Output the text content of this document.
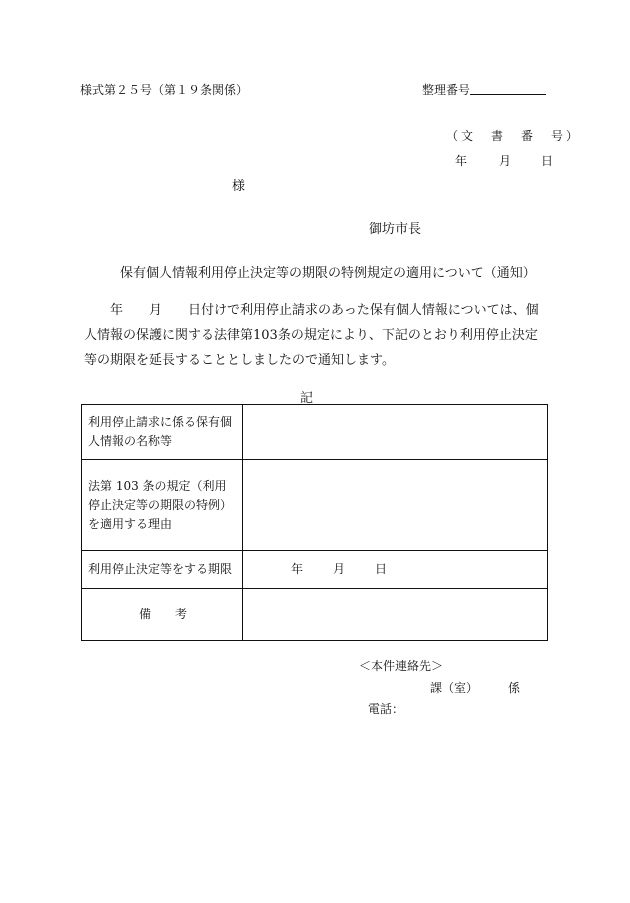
様式第２５号（第１９条関係）	整理番号
（文　書　番　号）
年	月	日
様
御坊市長
保有個人情報利用停止決定等の期限の特例規定の適用について（通知）

年　　月　　日付けで利用停止請求のあった保有個人情報については、個人情報の保護に関する法律第103条の規定により、下記のとおり利用停止決定等の期限を延長することとしましたので通知します。

記
利用停止請求に係る保有個人情報の名称等	
法第 103 条の規定（利用停止決定等の期限の特例）を適用する理由	
利用停止決定等をする期限	年 月 日
備　　考	
＜本件連絡先＞
課（室）　　　係
電話：
